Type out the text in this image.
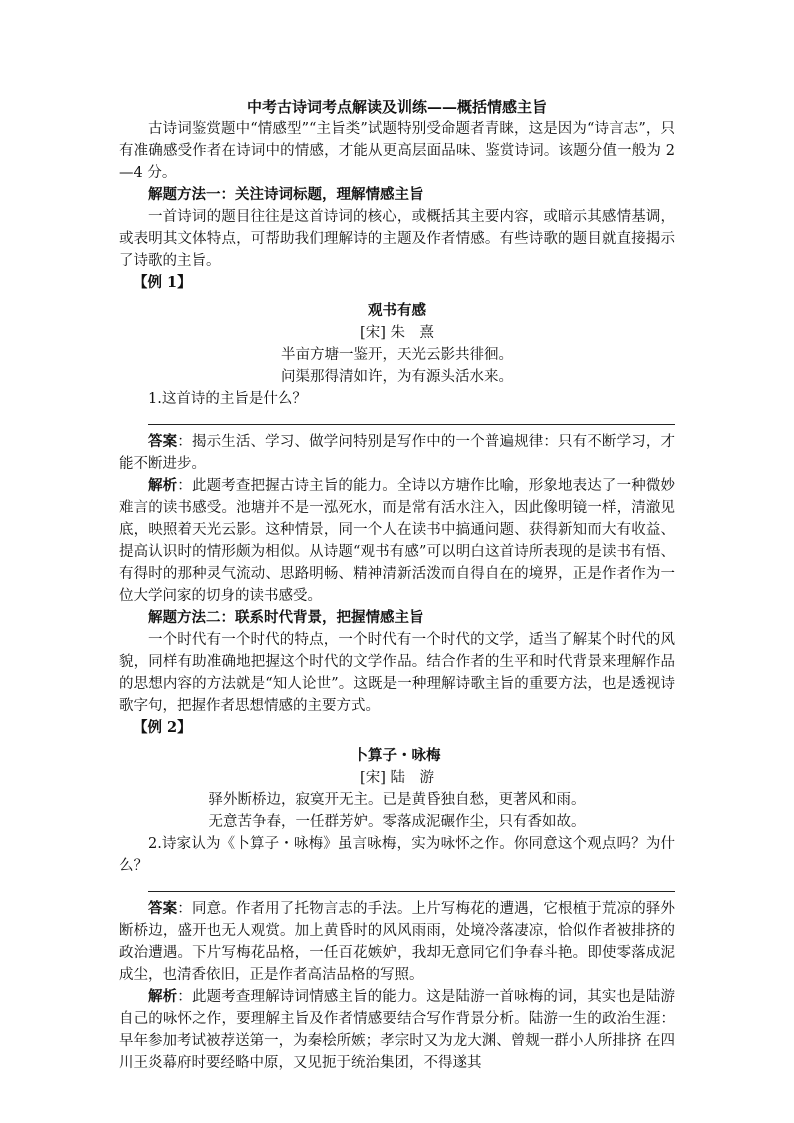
中考古诗词考点解读及训练——概括情感主旨

古诗词鉴赏题中“情感型”“主旨类”试题特别受命题者青睐，这是因为“诗言志”，只有准确感受作者在诗词中的情感，才能从更高层面品味、鉴赏诗词。该题分值一般为 2—4 分。

解题方法一：关注诗词标题，理解情感主旨

一首诗词的题目往往是这首诗词的核心，或概括其主要内容，或暗示其感情基调，或表明其文体特点，可帮助我们理解诗的主题及作者情感。有些诗歌的题目就直接揭示了诗歌的主旨。

【例 1】

观书有感

[宋] 朱　熹

半亩方塘一鉴开，天光云影共徘徊。

问渠那得清如许，为有源头活水来。

1.这首诗的主旨是什么？

答案：揭示生活、学习、做学问特别是写作中的一个普遍规律：只有不断学习，才能不断进步。

解析：此题考查把握古诗主旨的能力。全诗以方塘作比喻，形象地表达了一种微妙难言的读书感受。池塘并不是一泓死水，而是常有活水注入，因此像明镜一样，清澈见底，映照着天光云影。这种情景，同一个人在读书中搞通问题、获得新知而大有收益、提高认识时的情形颇为相似。从诗题“观书有感”可以明白这首诗所表现的是读书有悟、有得时的那种灵气流动、思路明畅、精神清新活泼而自得自在的境界，正是作者作为一位大学问家的切身的读书感受。

解题方法二：联系时代背景，把握情感主旨

一个时代有一个时代的特点，一个时代有一个时代的文学，适当了解某个时代的风貌，同样有助准确地把握这个时代的文学作品。结合作者的生平和时代背景来理解作品的思想内容的方法就是“知人论世”。这既是一种理解诗歌主旨的重要方法，也是透视诗歌字句，把握作者思想情感的主要方式。

【例 2】

卜算子・咏梅

[宋] 陆　游

驿外断桥边，寂寞开无主。已是黄昏独自愁，更著风和雨。

无意苦争春，一任群芳妒。零落成泥碾作尘，只有香如故。

2.诗家认为《卜算子・咏梅》虽言咏梅，实为咏怀之作。你同意这个观点吗？为什么？

答案：同意。作者用了托物言志的手法。上片写梅花的遭遇，它根植于荒凉的驿外断桥边，盛开也无人观赏。加上黄昏时的风风雨雨，处境冷落凄凉，恰似作者被排挤的政治遭遇。下片写梅花品格，一任百花嫉妒，我却无意同它们争春斗艳。即使零落成泥成尘，也清香依旧，正是作者高洁品格的写照。

解析：此题考查理解诗词情感主旨的能力。这是陆游一首咏梅的词，其实也是陆游自己的咏怀之作，要理解主旨及作者情感要结合写作背景分析。陆游一生的政治生涯：早年参加考试被荐送第一，为秦桧所嫉；孝宗时又为龙大渊、曾觌一群小人所排挤 在四川王炎幕府时要经略中原，又见扼于统治集团，不得遂其
